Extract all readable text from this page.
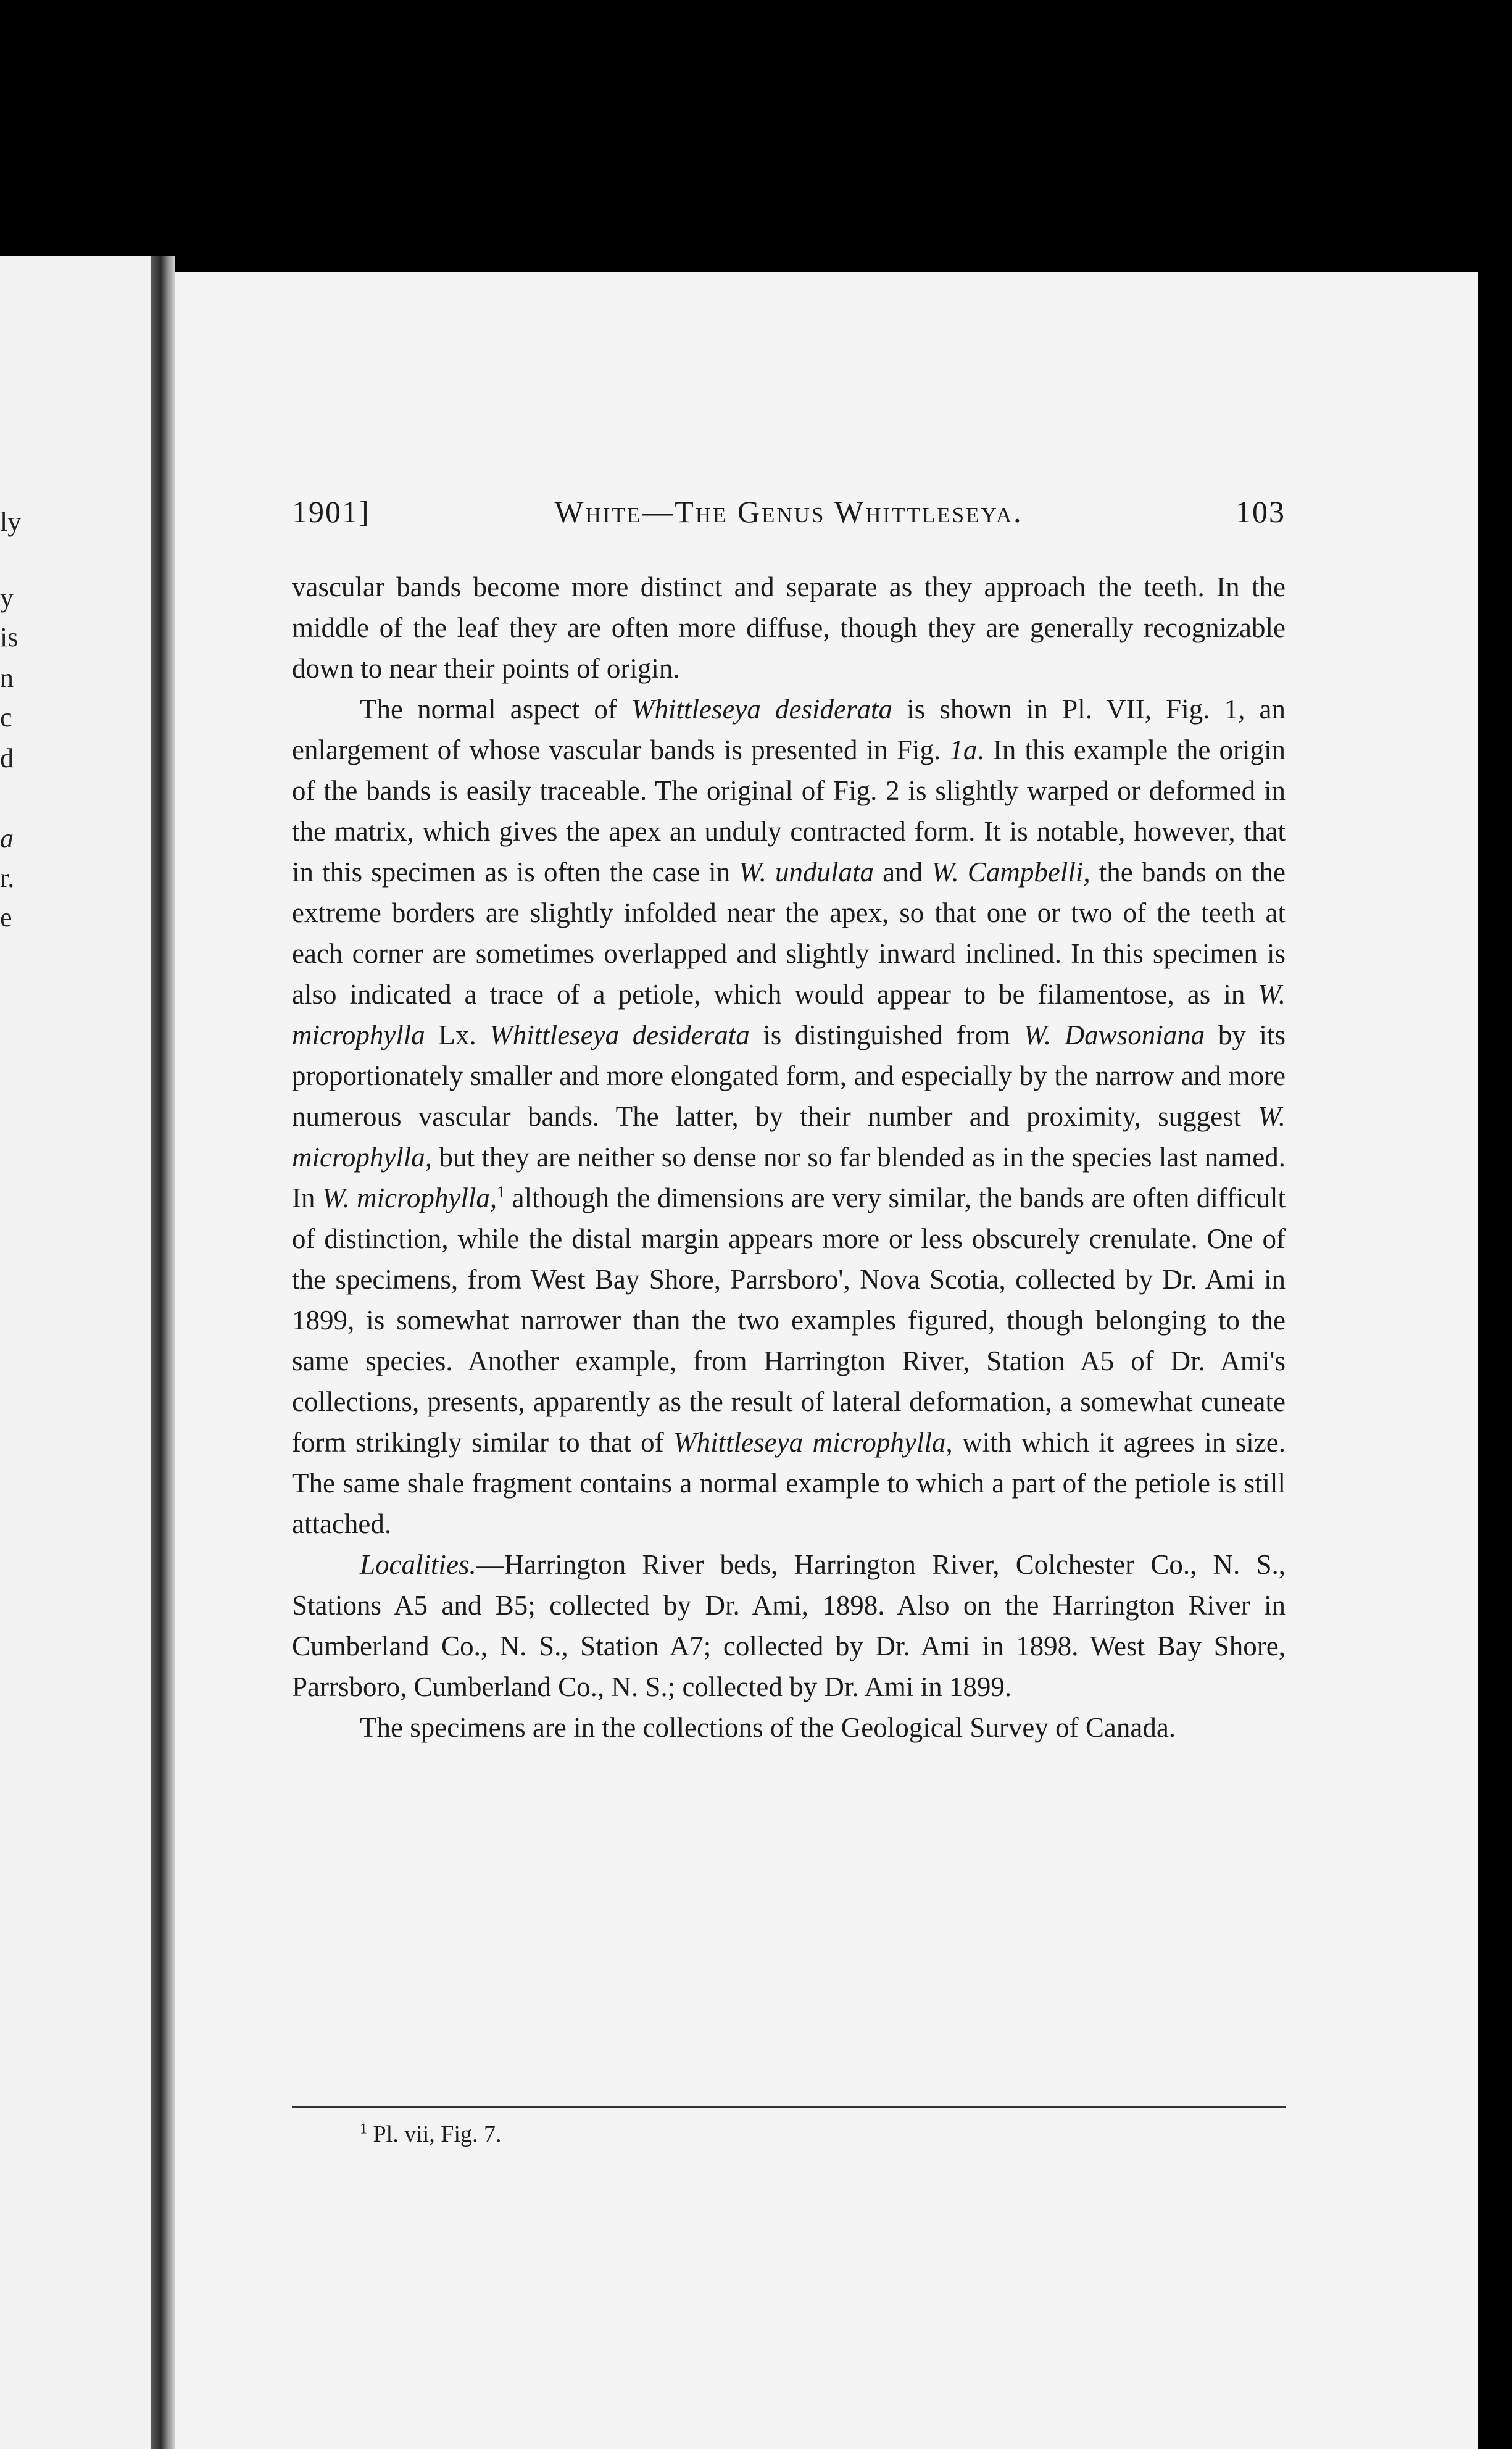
ly
y
is
n
c
d
a
r.
e
1901]	White—The Genus Whittleseya.	103

vascular bands become more distinct and separate as they approach the teeth. In the middle of the leaf they are often more diffuse, though they are generally recognizable down to near their points of origin.

The normal aspect of Whittleseya desiderata is shown in Pl. VII, Fig. 1, an enlargement of whose vascular bands is presented in Fig. 1a. In this example the origin of the bands is easily traceable. The original of Fig. 2 is slightly warped or deformed in the matrix, which gives the apex an unduly contracted form. It is notable, however, that in this specimen as is often the case in W. undulata and W. Campbelli, the bands on the extreme borders are slightly infolded near the apex, so that one or two of the teeth at each corner are sometimes overlapped and slightly inward inclined. In this specimen is also indicated a trace of a petiole, which would appear to be filamentose, as in W. microphylla Lx. Whittleseya desiderata is distinguished from W. Dawsoniana by its proportionately smaller and more elongated form, and especially by the narrow and more numerous vascular bands. The latter, by their number and proximity, suggest W. microphylla, but they are neither so dense nor so far blended as in the species last named. In W. microphylla,$^1$ although the dimensions are very similar, the bands are often difficult of distinction, while the distal margin appears more or less obscurely crenulate. One of the specimens, from West Bay Shore, Parrsboro', Nova Scotia, collected by Dr. Ami in 1899, is somewhat narrower than the two examples figured, though belonging to the same species. Another example, from Harrington River, Station A5 of Dr. Ami's collections, presents, apparently as the result of lateral deformation, a somewhat cuneate form strikingly similar to that of Whittleseya microphylla, with which it agrees in size. The same shale fragment contains a normal example to which a part of the petiole is still attached.

Localities.—Harrington River beds, Harrington River, Colchester Co., N. S., Stations A5 and B5; collected by Dr. Ami, 1898. Also on the Harrington River in Cumberland Co., N. S., Station A7; collected by Dr. Ami in 1898. West Bay Shore, Parrsboro, Cumberland Co., N. S.; collected by Dr. Ami in 1899.

The specimens are in the collections of the Geological Survey of Canada.

$^1$ Pl. vii, Fig. 7.
